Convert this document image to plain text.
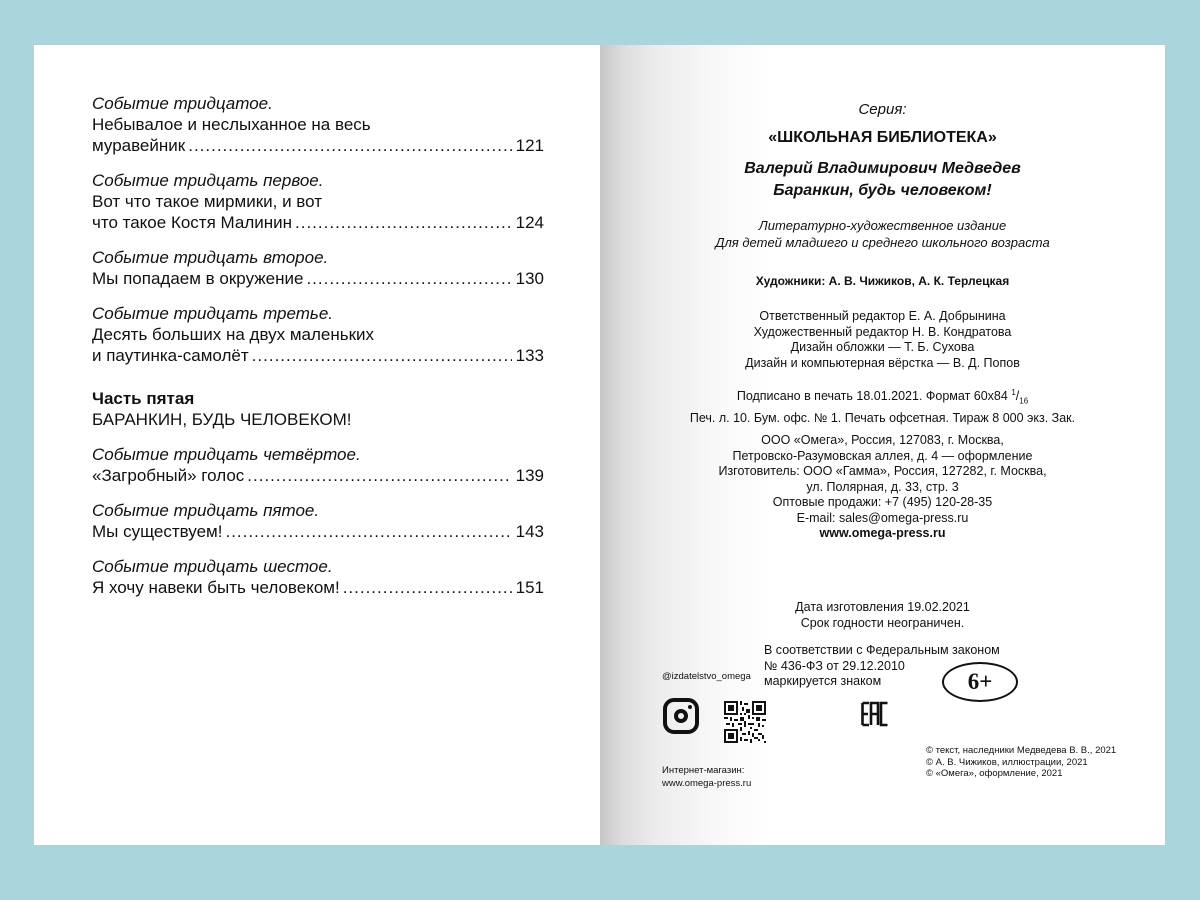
Событие тридцатое.
Небывалое и неслыханное на весь
муравейник .....	121
Событие тридцать первое.
Вот что такое мирмики, и вот
что такое Костя Малинин .....	124
Событие тридцать второе.
Мы попадаем в окружение .....	130
Событие тридцать третье.
Десять больших на двух маленьких
и паутинка-самолёт .....	133
Часть пятая
БАРАНКИН, БУДЬ ЧЕЛОВЕКОМ!
Событие тридцать четвёртое.
«Загробный» голос .....	139
Событие тридцать пятое.
Мы существуем! .....	143
Событие тридцать шестое.
Я хочу навеки быть человеком! .....	151
Серия:
«ШКОЛЬНАЯ БИБЛИОТЕКА»
Валерий Владимирович Медведев
Баранкин, будь человеком!
Литературно-художественное издание
Для детей младшего и среднего школьного возраста
Художники: А. В. Чижиков, А. К. Терлецкая
Ответственный редактор Е. А. Добрынина
Художественный редактор Н. В. Кондратова
Дизайн обложки — Т. Б. Сухова
Дизайн и компьютерная вёрстка — В. Д. Попов
Подписано в печать 18.01.2021. Формат 60x84 $^1/_{16}$
Печ. л. 10. Бум. офс. № 1. Печать офсетная. Тираж 8 000 экз. Зак.
ООО «Омега», Россия, 127083, г. Москва,
Петровско-Разумовская аллея, д. 4 — оформление
Изготовитель: ООО «Гамма», Россия, 127282, г. Москва,
ул. Полярная, д. 33, стр. 3
Оптовые продажи: +7 (495) 120-28-35
E-mail: sales@omega-press.ru
www.omega-press.ru
Дата изготовления 19.02.2021
Срок годности неограничен.
В соответствии с Федеральным законом
№ 436-ФЗ от 29.12.2010
маркируется знаком	6+
@izdatelstvo_omega
Интернет-магазин:
www.omega-press.ru
© текст, наследники Медведева В. В., 2021
© А. В. Чижиков, иллюстрации, 2021
© «Омега», оформление, 2021
